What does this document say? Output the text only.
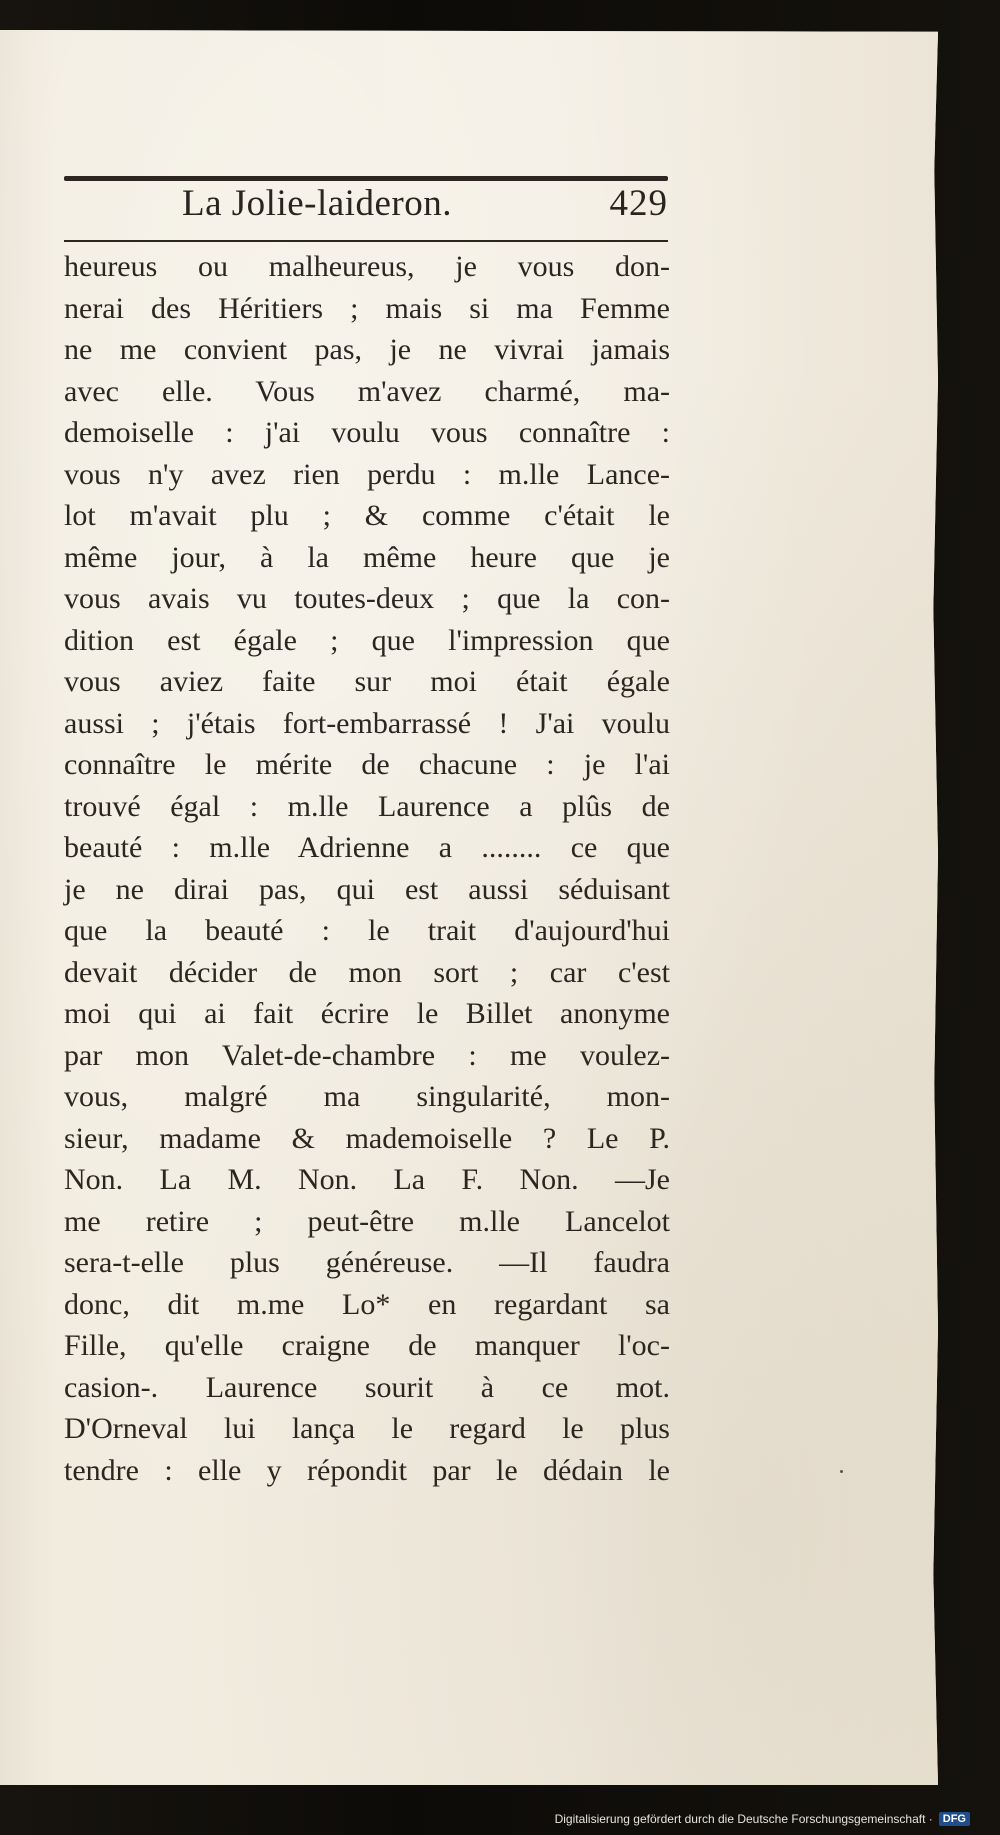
La Jolie-laideron.	429
heureus ou malheureus, je vous don-
nerai des Héritiers ; mais si ma Femme
ne me convient pas, je ne vivrai jamais
avec elle. Vous m'avez charmé, ma-
demoiselle : j'ai voulu vous connaître :
vous n'y avez rien perdu : m.lle Lance-
lot m'avait plu ; & comme c'était le
même jour, à la même heure que je
vous avais vu toutes-deux ; que la con-
dition est égale ; que l'impression que
vous aviez faite sur moi était égale
aussi ; j'étais fort-embarrassé ! J'ai voulu
connaître le mérite de chacune : je l'ai
trouvé égal : m.lle Laurence a plûs de
beauté : m.lle Adrienne a ........ ce que
je ne dirai pas, qui est aussi séduisant
que la beauté : le trait d'aujourd'hui
devait décider de mon sort ; car c'est
moi qui ai fait écrire le Billet anonyme
par mon Valet-de-chambre : me voulez-
vous, malgré ma singularité, mon-
sieur, madame & mademoiselle ? Le P.
Non. La M. Non. La F. Non. —Je
me retire ; peut-être m.lle Lancelot
sera-t-elle plus généreuse. —Il faudra
donc, dit m.me Lo* en regardant sa
Fille, qu'elle craigne de manquer l'oc-
casion-. Laurence sourit à ce mot.
D'Orneval lui lança le regard le plus
tendre : elle y répondit par le dédain le
Digitalisierung gefördert durch die Deutsche Forschungsgemeinschaft · DFG
